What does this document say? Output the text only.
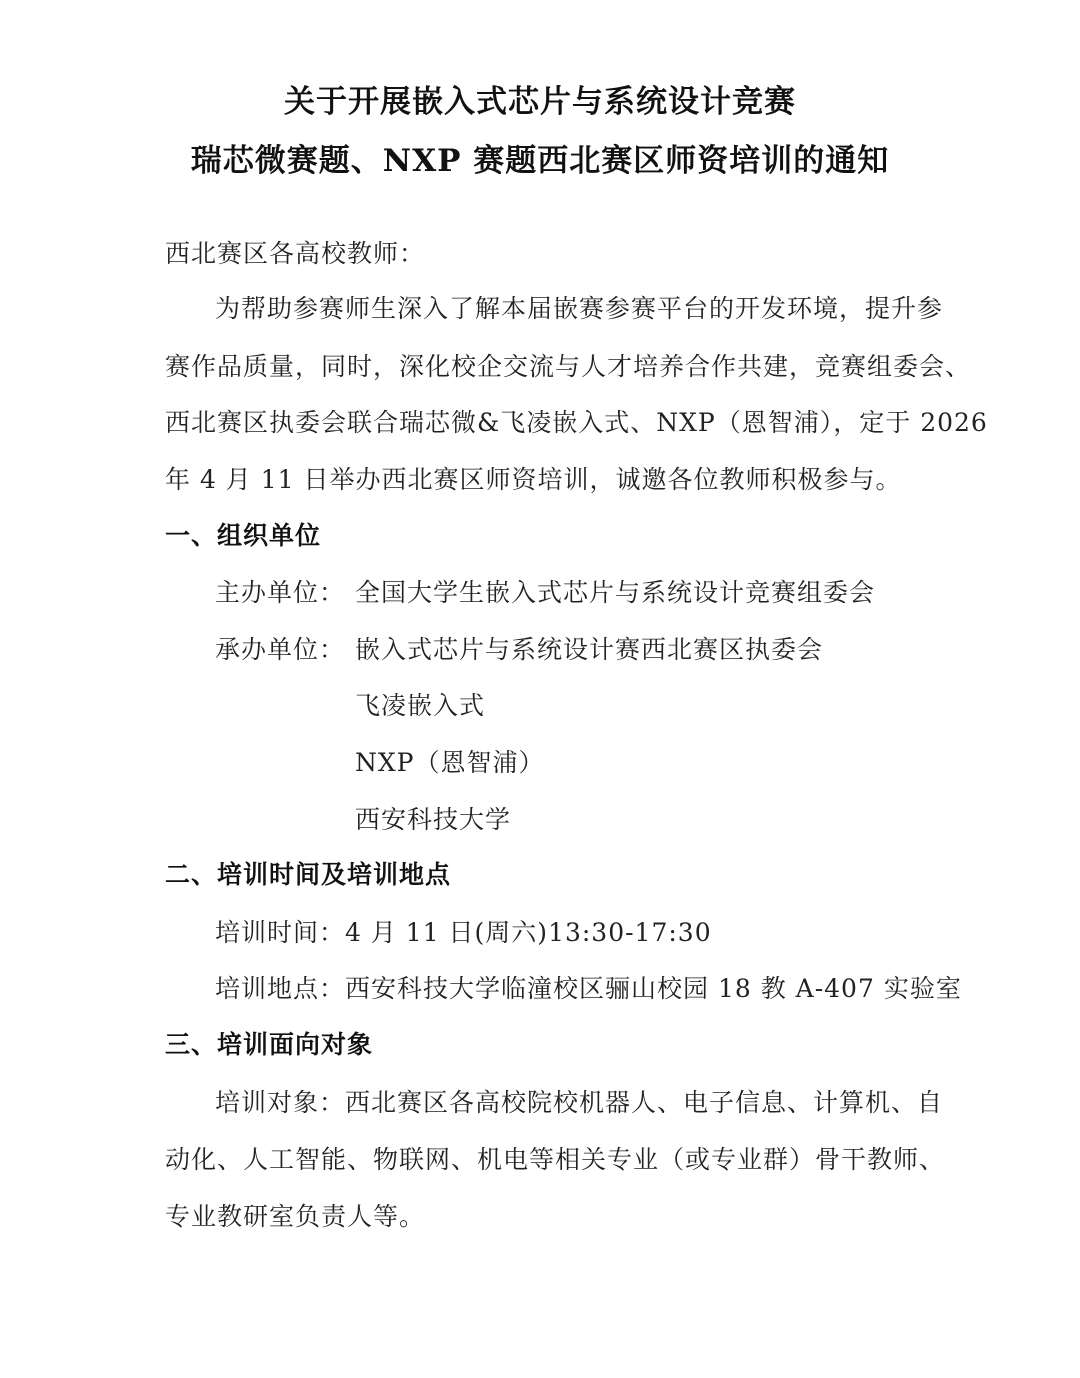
关于开展嵌入式芯片与系统设计竞赛
瑞芯微赛题、NXP 赛题西北赛区师资培训的通知
西北赛区各高校教师：
为帮助参赛师生深入了解本届嵌赛参赛平台的开发环境，提升参
赛作品质量，同时，深化校企交流与人才培养合作共建，竞赛组委会、
西北赛区执委会联合瑞芯微&飞凌嵌入式、NXP（恩智浦），定于 2026
年 4 月 11 日举办西北赛区师资培训，诚邀各位教师积极参与。
一、组织单位
主办单位： 全国大学生嵌入式芯片与系统设计竞赛组委会
承办单位： 嵌入式芯片与系统设计赛西北赛区执委会
飞凌嵌入式
NXP（恩智浦）
西安科技大学
二、培训时间及培训地点
培训时间：4 月 11 日(周六)13:30-17:30
培训地点：西安科技大学临潼校区骊山校园 18 教 A-407 实验室
三、培训面向对象
培训对象：西北赛区各高校院校机器人、电子信息、计算机、自
动化、人工智能、物联网、机电等相关专业（或专业群）骨干教师、
专业教研室负责人等。
